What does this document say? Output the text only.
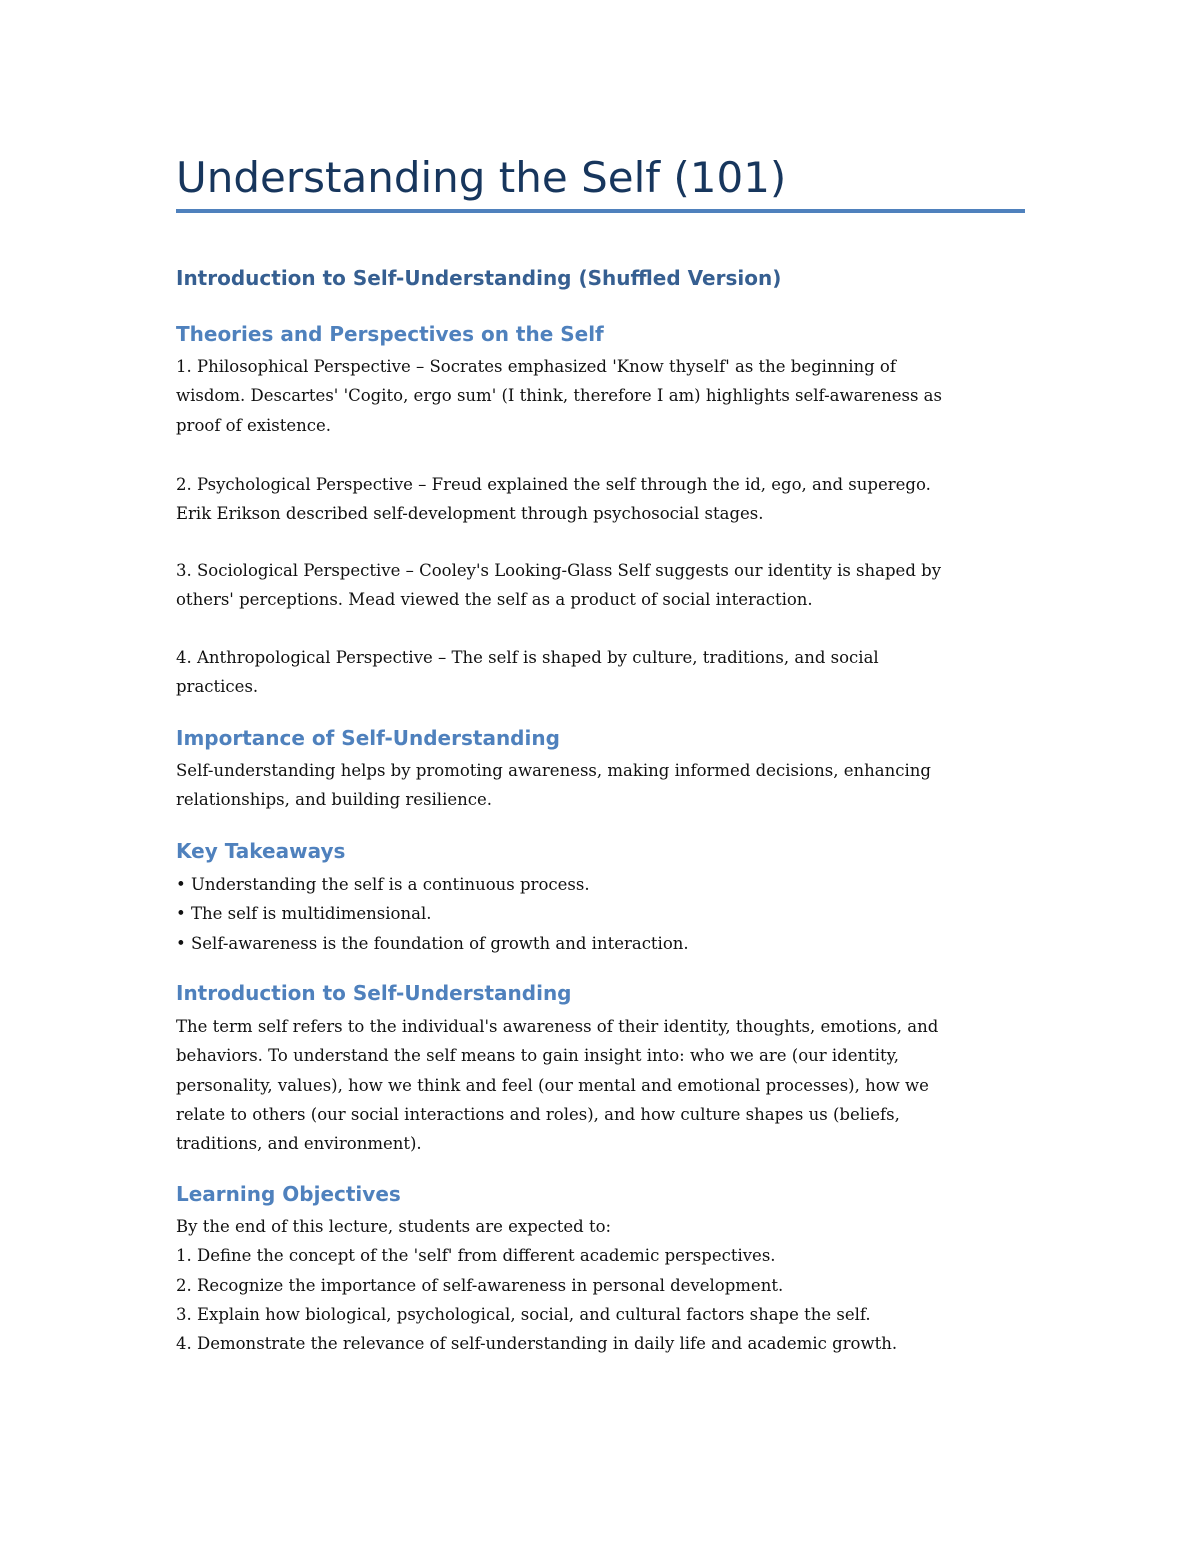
Understanding the Self (101)
Introduction to Self-Understanding (Shuffled Version)
Theories and Perspectives on the Self

1. Philosophical Perspective – Socrates emphasized 'Know thyself' as the beginning of
wisdom. Descartes' 'Cogito, ergo sum' (I think, therefore I am) highlights self-awareness as
proof of existence.

2. Psychological Perspective – Freud explained the self through the id, ego, and superego.
Erik Erikson described self-development through psychosocial stages.

3. Sociological Perspective – Cooley's Looking-Glass Self suggests our identity is shaped by
others' perceptions. Mead viewed the self as a product of social interaction.

4. Anthropological Perspective – The self is shaped by culture, traditions, and social
practices.

Importance of Self-Understanding

Self-understanding helps by promoting awareness, making informed decisions, enhancing
relationships, and building resilience.

Key Takeaways

• Understanding the self is a continuous process.
• The self is multidimensional.
• Self-awareness is the foundation of growth and interaction.

Introduction to Self-Understanding

The term self refers to the individual's awareness of their identity, thoughts, emotions, and
behaviors. To understand the self means to gain insight into: who we are (our identity,
personality, values), how we think and feel (our mental and emotional processes), how we
relate to others (our social interactions and roles), and how culture shapes us (beliefs,
traditions, and environment).

Learning Objectives

By the end of this lecture, students are expected to:
1. Define the concept of the 'self' from different academic perspectives.
2. Recognize the importance of self-awareness in personal development.
3. Explain how biological, psychological, social, and cultural factors shape the self.
4. Demonstrate the relevance of self-understanding in daily life and academic growth.
